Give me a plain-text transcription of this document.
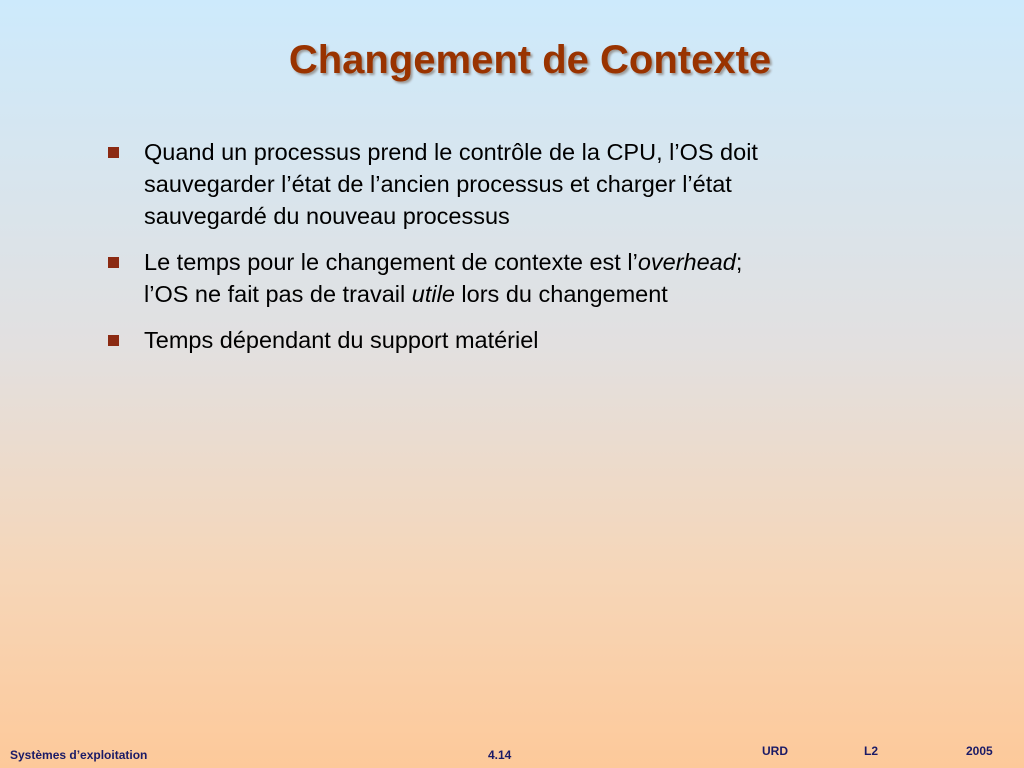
Changement de Contexte
Quand un processus prend le contrôle de la CPU, l’OS doit
sauvegarder l’état de l’ancien processus et charger l’état
sauvegardé du nouveau processus
Le temps pour le changement de contexte est l’overhead;
l’OS ne fait pas de travail utile lors du changement
Temps dépendant du support matériel
Systèmes d’exploitation	4.14	URD	L2	2005
